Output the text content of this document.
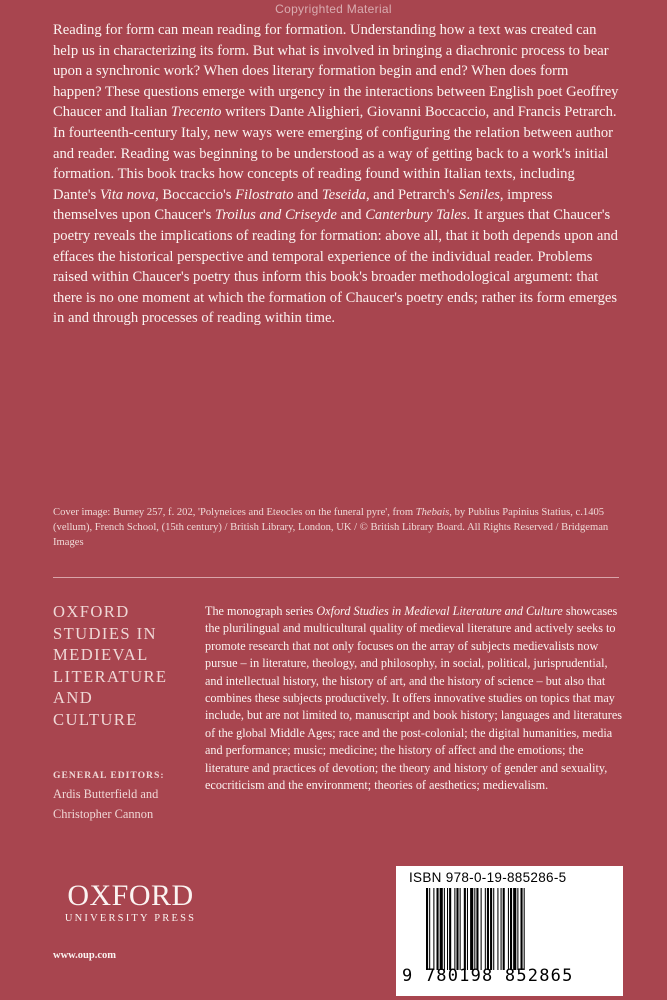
Copyrighted Material

Reading for form can mean reading for formation. Understanding how a text was created can help us in characterizing its form. But what is involved in bringing a diachronic process to bear upon a synchronic work? When does literary formation begin and end? When does form happen? These questions emerge with urgency in the interactions between English poet Geoffrey Chaucer and Italian Trecento writers Dante Alighieri, Giovanni Boccaccio, and Francis Petrarch. In fourteenth-century Italy, new ways were emerging of configuring the relation between author and reader. Reading was beginning to be understood as a way of getting back to a work's initial formation. This book tracks how concepts of reading found within Italian texts, including Dante's Vita nova, Boccaccio's Filostrato and Teseida, and Petrarch's Seniles, impress themselves upon Chaucer's Troilus and Criseyde and Canterbury Tales. It argues that Chaucer's poetry reveals the implications of reading for formation: above all, that it both depends upon and effaces the historical perspective and temporal experience of the individual reader. Problems raised within Chaucer's poetry thus inform this book's broader methodological argument: that there is no one moment at which the formation of Chaucer's poetry ends; rather its form emerges in and through processes of reading within time.

Cover image: Burney 257, f. 202, 'Polyneices and Eteocles on the funeral pyre', from Thebais, by Publius Papinius Statius, c.1405 (vellum), French School, (15th century) / British Library, London, UK / © British Library Board. All Rights Reserved / Bridgeman Images
OXFORD
STUDIES IN
MEDIEVAL
LITERATURE
AND
CULTURE
GENERAL EDITORS:
Ardis Butterfield and
Christopher Cannon

The monograph series Oxford Studies in Medieval Literature and Culture showcases the plurilingual and multicultural quality of medieval literature and actively seeks to promote research that not only focuses on the array of subjects medievalists now pursue – in literature, theology, and philosophy, in social, political, jurisprudential, and intellectual history, the history of art, and the history of science – but also that combines these subjects productively. It offers innovative studies on topics that may include, but are not limited to, manuscript and book history; languages and literatures of the global Middle Ages; race and the post-colonial; the digital humanities, media and performance; music; medicine; the history of affect and the emotions; the literature and practices of devotion; the theory and history of gender and sexuality, ecocriticism and the environment; theories of aesthetics; medievalism.

OXFORD
UNIVERSITY PRESS
www.oup.com
ISBN 978-0-19-885286-5
9 780198 852865
